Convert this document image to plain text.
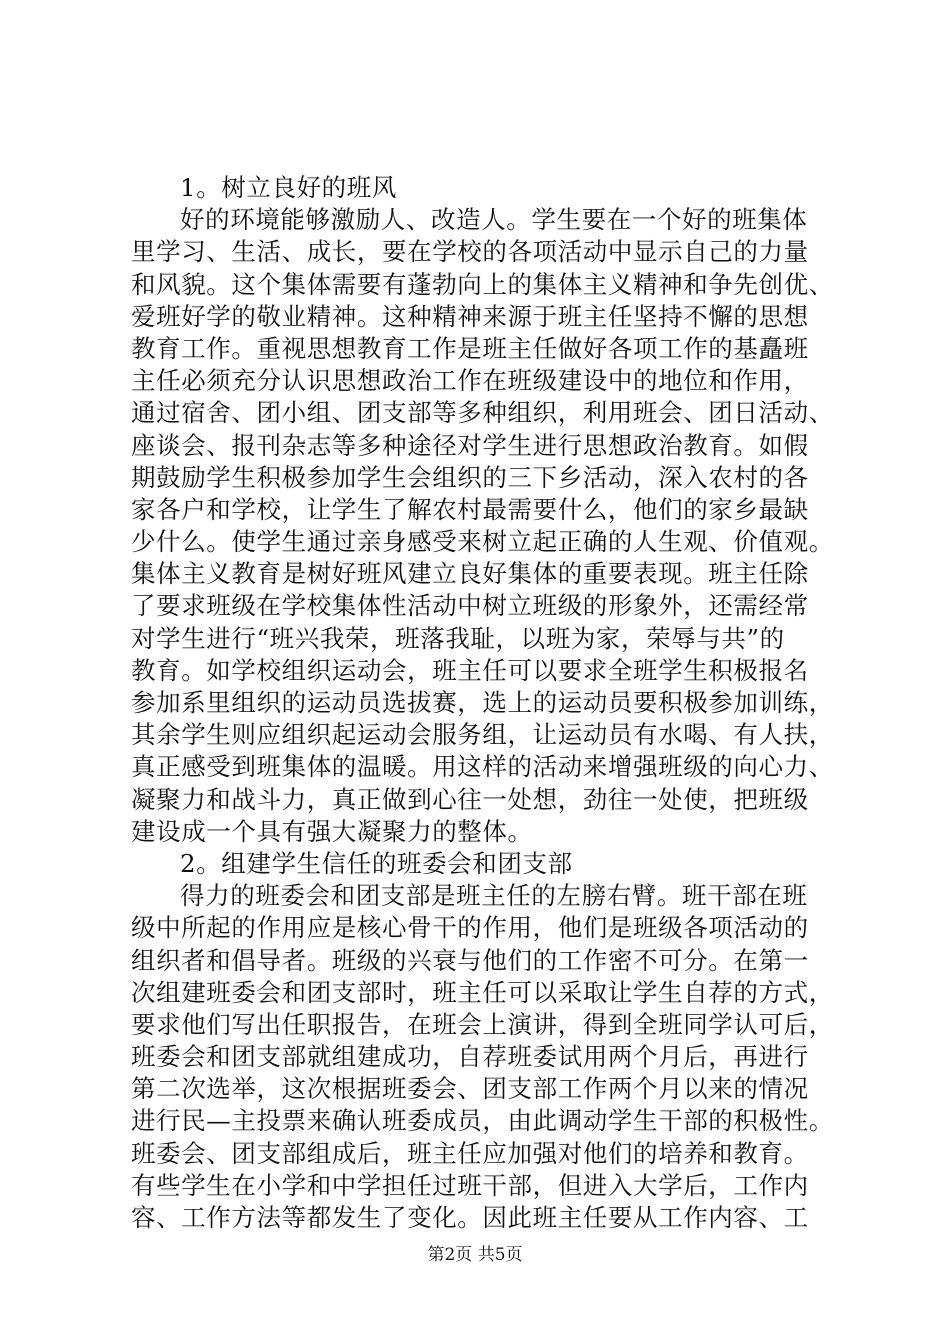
1。树立良好的班风
好的环境能够激励人、改造人。学生要在一个好的班集体
里学习、生活、成长，要在学校的各项活动中显示自己的力量
和风貌。这个集体需要有蓬勃向上的集体主义精神和争先创优、
爱班好学的敬业精神。这种精神来源于班主任坚持不懈的思想
教育工作。重视思想教育工作是班主任做好各项工作的基矗班
主任必须充分认识思想政治工作在班级建设中的地位和作用，
通过宿舍、团小组、团支部等多种组织，利用班会、团日活动、
座谈会、报刊杂志等多种途径对学生进行思想政治教育。如假
期鼓励学生积极参加学生会组织的三下乡活动，深入农村的各
家各户和学校，让学生了解农村最需要什么，他们的家乡最缺
少什么。使学生通过亲身感受来树立起正确的人生观、价值观。
集体主义教育是树好班风建立良好集体的重要表现。班主任除
了要求班级在学校集体性活动中树立班级的形象外，还需经常
对学生进行“班兴我荣，班落我耻，以班为家，荣辱与共”的
教育。如学校组织运动会，班主任可以要求全班学生积极报名
参加系里组织的运动员选拔赛，选上的运动员要积极参加训练，
其余学生则应组织起运动会服务组，让运动员有水喝、有人扶，
真正感受到班集体的温暖。用这样的活动来增强班级的向心力、
凝聚力和战斗力，真正做到心往一处想，劲往一处使，把班级
建设成一个具有强大凝聚力的整体。
2。组建学生信任的班委会和团支部
得力的班委会和团支部是班主任的左膀右臂。班干部在班
级中所起的作用应是核心骨干的作用，他们是班级各项活动的
组织者和倡导者。班级的兴衰与他们的工作密不可分。在第一
次组建班委会和团支部时，班主任可以采取让学生自荐的方式，
要求他们写出任职报告，在班会上演讲，得到全班同学认可后，
班委会和团支部就组建成功，自荐班委试用两个月后，再进行
第二次选举，这次根据班委会、团支部工作两个月以来的情况
进行民—主投票来确认班委成员，由此调动学生干部的积极性。
班委会、团支部组成后，班主任应加强对他们的培养和教育。
有些学生在小学和中学担任过班干部，但进入大学后，工作内
容、工作方法等都发生了变化。因此班主任要从工作内容、工
第2页 共5页
